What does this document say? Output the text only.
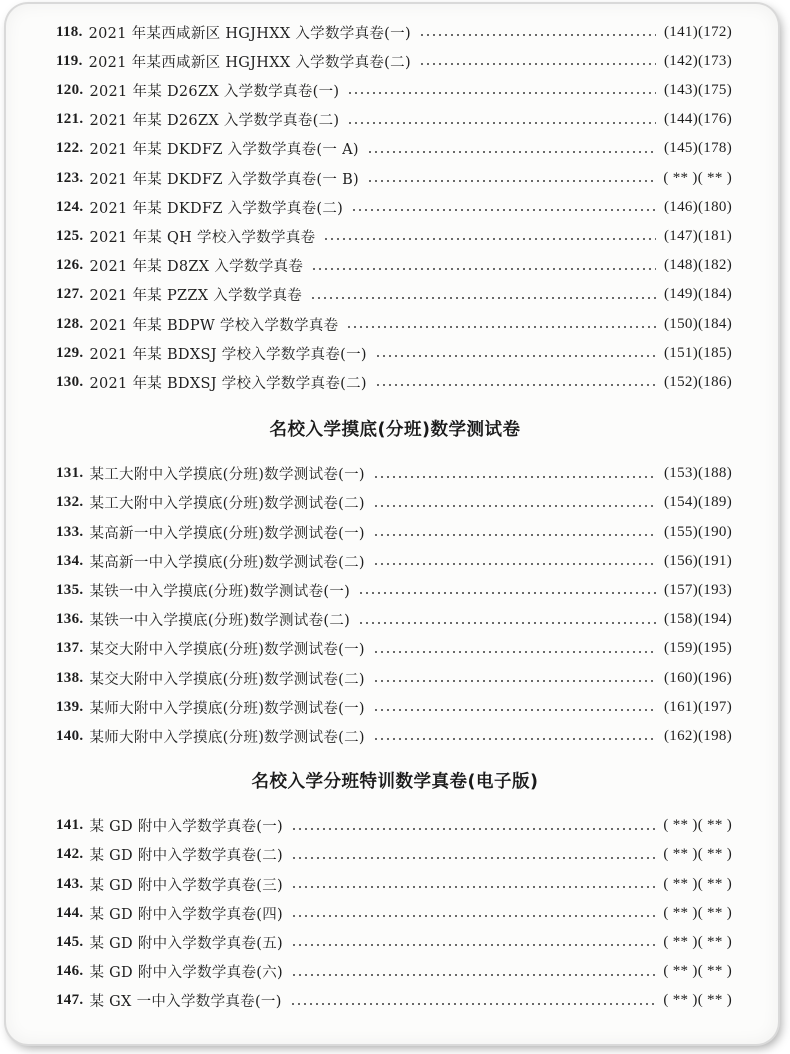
118. 2021 年某西咸新区 HGJHXX 入学数学真卷(一)	(141)(172)
119. 2021 年某西咸新区 HGJHXX 入学数学真卷(二)	(142)(173)
120. 2021 年某 D26ZX 入学数学真卷(一)	(143)(175)
121. 2021 年某 D26ZX 入学数学真卷(二)	(144)(176)
122. 2021 年某 DKDFZ 入学数学真卷(一 A)	(145)(178)
123. 2021 年某 DKDFZ 入学数学真卷(一 B)	( ** )( ** )
124. 2021 年某 DKDFZ 入学数学真卷(二)	(146)(180)
125. 2021 年某 QH 学校入学数学真卷	(147)(181)
126. 2021 年某 D8ZX 入学数学真卷	(148)(182)
127. 2021 年某 PZZX 入学数学真卷	(149)(184)
128. 2021 年某 BDPW 学校入学数学真卷	(150)(184)
129. 2021 年某 BDXSJ 学校入学数学真卷(一)	(151)(185)
130. 2021 年某 BDXSJ 学校入学数学真卷(二)	(152)(186)
名校入学摸底(分班)数学测试卷
131. 某工大附中入学摸底(分班)数学测试卷(一)	(153)(188)
132. 某工大附中入学摸底(分班)数学测试卷(二)	(154)(189)
133. 某高新一中入学摸底(分班)数学测试卷(一)	(155)(190)
134. 某高新一中入学摸底(分班)数学测试卷(二)	(156)(191)
135. 某铁一中入学摸底(分班)数学测试卷(一)	(157)(193)
136. 某铁一中入学摸底(分班)数学测试卷(二)	(158)(194)
137. 某交大附中入学摸底(分班)数学测试卷(一)	(159)(195)
138. 某交大附中入学摸底(分班)数学测试卷(二)	(160)(196)
139. 某师大附中入学摸底(分班)数学测试卷(一)	(161)(197)
140. 某师大附中入学摸底(分班)数学测试卷(二)	(162)(198)
名校入学分班特训数学真卷(电子版)
141. 某 GD 附中入学数学真卷(一)	( ** )( ** )
142. 某 GD 附中入学数学真卷(二)	( ** )( ** )
143. 某 GD 附中入学数学真卷(三)	( ** )( ** )
144. 某 GD 附中入学数学真卷(四)	( ** )( ** )
145. 某 GD 附中入学数学真卷(五)	( ** )( ** )
146. 某 GD 附中入学数学真卷(六)	( ** )( ** )
147. 某 GX 一中入学数学真卷(一)	( ** )( ** )
